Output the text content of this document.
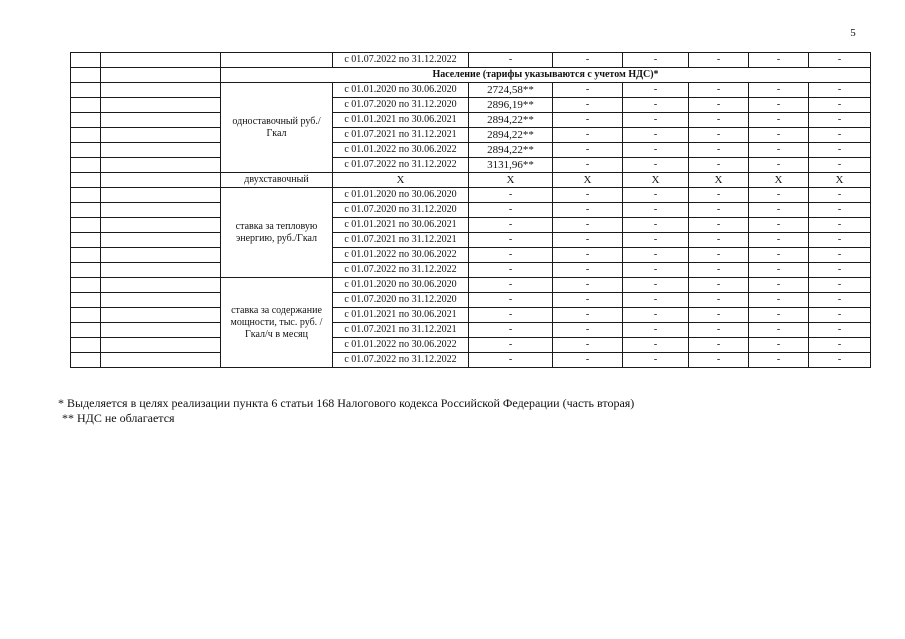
5
			с 01.07.2022 по 31.12.2022	-	-	-	-	-	-
		Население (тарифы указываются с учетом НДС)*							
		одноставочный руб./Гкал	с 01.01.2020 по 30.06.2020	2724,58**	-	-	-	-	-
			с 01.07.2020 по 31.12.2020	2896,19**	-	-	-	-	-
			с 01.01.2021 по 30.06.2021	2894,22**	-	-	-	-	-
			с 01.07.2021 по 31.12.2021	2894,22**	-	-	-	-	-
			с 01.01.2022 по 30.06.2022	2894,22**	-	-	-	-	-
			с 01.07.2022 по 31.12.2022	3131,96**	-	-	-	-	-
		двухставочный	X	X	X	X	X	X	X
		ставка за тепловую энергию, руб./Гкал	с 01.01.2020 по 30.06.2020	-	-	-	-	-	-
			с 01.07.2020 по 31.12.2020	-	-	-	-	-	-
			с 01.01.2021 по 30.06.2021	-	-	-	-	-	-
			с 01.07.2021 по 31.12.2021	-	-	-	-	-	-
			с 01.01.2022 по 30.06.2022	-	-	-	-	-	-
			с 01.07.2022 по 31.12.2022	-	-	-	-	-	-
		ставка за содержание мощности, тыс. руб. /Гкал/ч в месяц	с 01.01.2020 по 30.06.2020	-	-	-	-	-	-
			с 01.07.2020 по 31.12.2020	-	-	-	-	-	-
			с 01.01.2021 по 30.06.2021	-	-	-	-	-	-
			с 01.07.2021 по 31.12.2021	-	-	-	-	-	-
			с 01.01.2022 по 30.06.2022	-	-	-	-	-	-
			с 01.07.2022 по 31.12.2022	-	-	-	-	-	-
* Выделяется в целях реализации пункта 6 статьи 168 Налогового кодекса Российской Федерации (часть вторая)
** НДС не облагается
